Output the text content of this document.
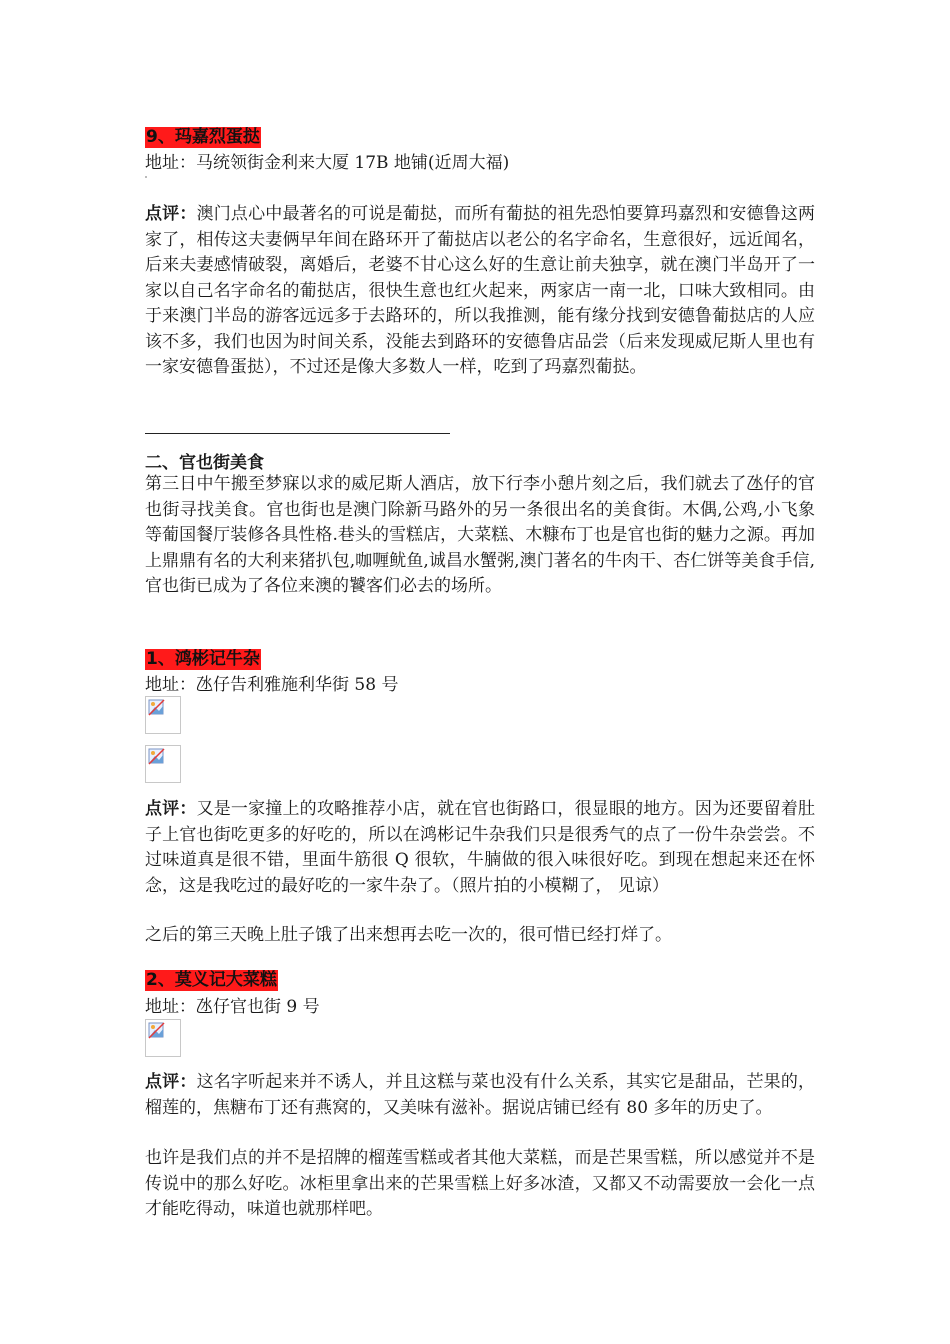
9、玛嘉烈蛋挞
地址：马统领街金利来大厦 17B 地铺(近周大福)
点评：澳门点心中最著名的可说是葡挞，而所有葡挞的祖先恐怕要算玛嘉烈和安德鲁这两家了，相传这夫妻俩早年间在路环开了葡挞店以老公的名字命名，生意很好，远近闻名，后来夫妻感情破裂，离婚后，老婆不甘心这么好的生意让前夫独享，就在澳门半岛开了一家以自己名字命名的葡挞店，很快生意也红火起来，两家店一南一北，口味大致相同。由于来澳门半岛的游客远远多于去路环的，所以我推测，能有缘分找到安德鲁葡挞店的人应该不多，我们也因为时间关系，没能去到路环的安德鲁店品尝（后来发现威尼斯人里也有一家安德鲁蛋挞），不过还是像大多数人一样，吃到了玛嘉烈葡挞。
二、官也街美食
第三日中午搬至梦寐以求的威尼斯人酒店，放下行李小憩片刻之后，我们就去了氹仔的官也街寻找美食。官也街也是澳门除新马路外的另一条很出名的美食街。木偶,公鸡,小飞象等葡国餐厅装修各具性格.巷头的雪糕店，大菜糕、木糠布丁也是官也街的魅力之源。再加上鼎鼎有名的大利来猪扒包,咖喱鱿鱼,诚昌水蟹粥,澳门著名的牛肉干、杏仁饼等美食手信,官也街已成为了各位来澳的饕客们必去的场所。
1、鸿彬记牛杂
地址：氹仔告利雅施利华街 58 号
点评：又是一家撞上的攻略推荐小店，就在官也街路口，很显眼的地方。因为还要留着肚子上官也街吃更多的好吃的，所以在鸿彬记牛杂我们只是很秀气的点了一份牛杂尝尝。不过味道真是很不错，里面牛筋很 Q 很软，牛腩做的很入味很好吃。到现在想起来还在怀念，这是我吃过的最好吃的一家牛杂了。（照片拍的小模糊了， 见谅）
之后的第三天晚上肚子饿了出来想再去吃一次的，很可惜已经打烊了。
2、莫义记大菜糕
地址：氹仔官也街 9 号
点评：这名字听起来并不诱人，并且这糕与菜也没有什么关系，其实它是甜品，芒果的，榴莲的，焦糖布丁还有燕窝的，又美味有滋补。据说店铺已经有 80 多年的历史了。
也许是我们点的并不是招牌的榴莲雪糕或者其他大菜糕，而是芒果雪糕，所以感觉并不是传说中的那么好吃。冰柜里拿出来的芒果雪糕上好多冰渣，又都又不动需要放一会化一点才能吃得动，味道也就那样吧。
